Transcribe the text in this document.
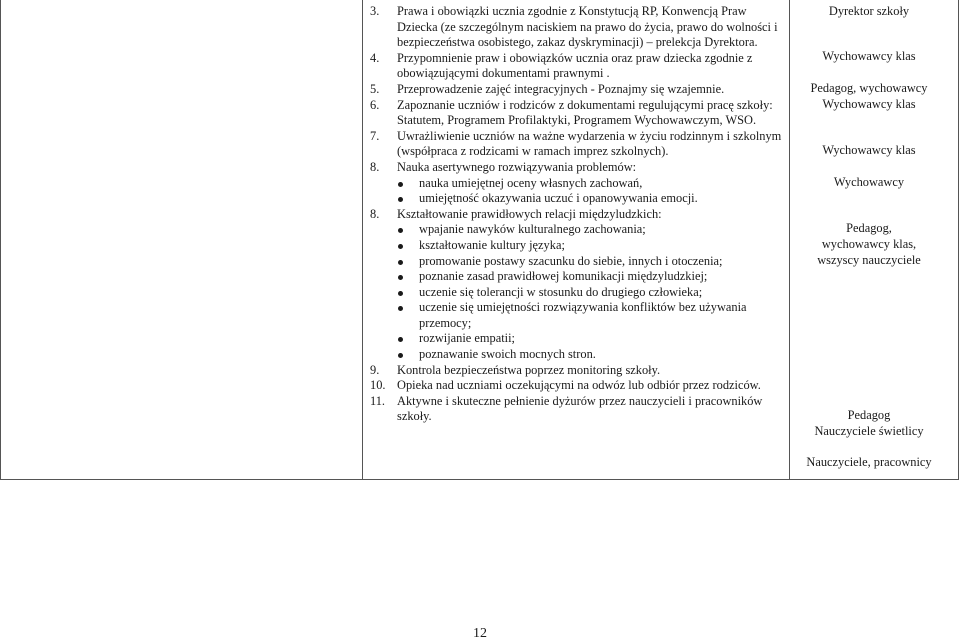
3. Prawa i obowiązki ucznia zgodnie z Konstytucją RP, Konwencją Praw Dziecka (ze szczególnym naciskiem na prawo do życia, prawo do wolności i bezpieczeństwa osobistego, zakaz dyskryminacji) – prelekcja Dyrektora.
4. Przypomnienie praw i obowiązków ucznia oraz praw dziecka zgodnie z obowiązującymi dokumentami prawnymi .
5. Przeprowadzenie zajęć integracyjnych - Poznajmy się wzajemnie.
6. Zapoznanie uczniów i rodziców z dokumentami regulującymi pracę szkoły: Statutem, Programem Profilaktyki, Programem Wychowawczym, WSO.
7. Uwrażliwienie uczniów na ważne wydarzenia w życiu rodzinnym i szkolnym (współpraca z rodzicami w ramach imprez szkolnych).
8. Nauka asertywnego rozwiązywania problemów:
nauka umiejętnej oceny własnych zachowań,
umiejętność okazywania uczuć i opanowywania emocji.
8. Kształtowanie prawidłowych relacji międzyludzkich:
wpajanie nawyków kulturalnego zachowania;
kształtowanie kultury języka;
promowanie postawy szacunku do siebie, innych i otoczenia;
poznanie zasad prawidłowej komunikacji międzyludzkiej;
uczenie się tolerancji w stosunku do drugiego człowieka;
uczenie się umiejętności rozwiązywania konfliktów bez używania przemocy;
rozwijanie empatii;
poznawanie swoich mocnych stron.
9. Kontrola bezpieczeństwa poprzez monitoring szkoły.
10. Opieka nad uczniami oczekującymi na odwóz lub odbiór przez rodziców.
11. Aktywne i skuteczne pełnienie dyżurów przez nauczycieli i pracowników szkoły.
Dyrektor szkoły
Wychowawcy klas
Pedagog, wychowawcy
Wychowawcy klas
Wychowawcy klas
Wychowawcy
Pedagog,
wychowawcy klas,
wszyscy nauczyciele
Pedagog
Nauczyciele świetlicy
Nauczyciele, pracownicy
12
